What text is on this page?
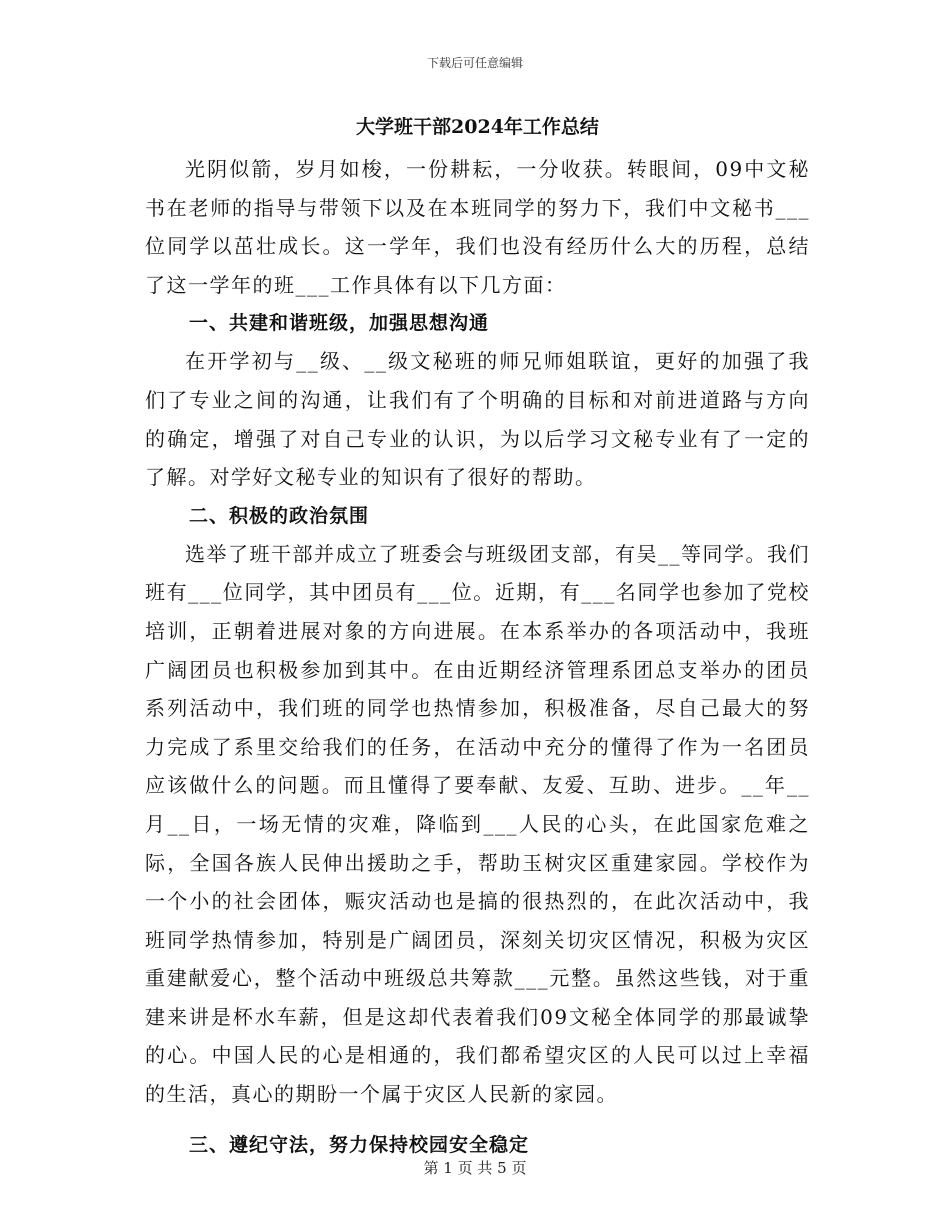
下载后可任意编辑
大学班干部2024年工作总结

光阴似箭，岁月如梭，一份耕耘，一分收获。转眼间，09中文秘书在老师的指导与带领下以及在本班同学的努力下，我们中文秘书___位同学以茁壮成长。这一学年，我们也没有经历什么大的历程，总结了这一学年的班___工作具体有以下几方面：

一、共建和谐班级，加强思想沟通

在开学初与__级、__级文秘班的师兄师姐联谊，更好的加强了我们了专业之间的沟通，让我们有了个明确的目标和对前进道路与方向的确定，增强了对自己专业的认识，为以后学习文秘专业有了一定的了解。对学好文秘专业的知识有了很好的帮助。

二、积极的政治氛围

选举了班干部并成立了班委会与班级团支部，有吴__等同学。我们班有___位同学，其中团员有___位。近期，有___名同学也参加了党校培训，正朝着进展对象的方向进展。在本系举办的各项活动中，我班广阔团员也积极参加到其中。在由近期经济管理系团总支举办的团员系列活动中，我们班的同学也热情参加，积极准备，尽自己最大的努力完成了系里交给我们的任务，在活动中充分的懂得了作为一名团员应该做什么的问题。而且懂得了要奉献、友爱、互助、进步。__年__月__日，一场无情的灾难，降临到___人民的心头，在此国家危难之际，全国各族人民伸出援助之手，帮助玉树灾区重建家园。学校作为一个小的社会团体，赈灾活动也是搞的很热烈的，在此次活动中，我班同学热情参加，特别是广阔团员，深刻关切灾区情况，积极为灾区重建献爱心，整个活动中班级总共筹款___元整。虽然这些钱，对于重建来讲是杯水车薪，但是这却代表着我们09文秘全体同学的那最诚挚的心。中国人民的心是相通的，我们都希望灾区的人民可以过上幸福的生活，真心的期盼一个属于灾区人民新的家园。

三、遵纪守法，努力保持校园安全稳定
第 1 页 共 5 页
